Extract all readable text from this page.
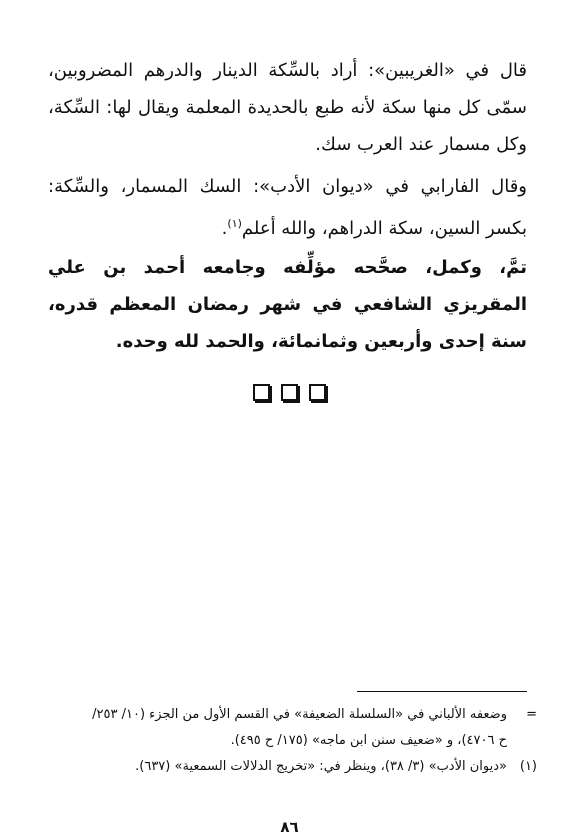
قال في «الغريبين»: أراد بالسِّكة الدينار والدرهم المضروبين، سمّى كل منها سكة لأنه طبع بالحديدة المعلمة ويقال لها: السِّكة، وكل مسمار عند العرب سك.

وقال الفارابي في «ديوان الأدب»: السك المسمار، والسِّكة: بكسر السين، سكة الدراهم، والله أعلم$^{(١)}$.

تمَّ، وكمل، صحَّحه مؤلِّفه وجامعه أحمد بن علي المقريزي الشافعي في شهر رمضان المعظم قدره، سنة إحدى وأربعين وثمانمائة، والحمد لله وحده.

=
وضعفه الألباني في «السلسلة الضعيفة» في القسم الأول من الجزء (١٠/ ٢٥٣/
ح ٤٧٠٦)، و «ضعيف سنن ابن ماجه» (١٧٥/ ح ٤٩٥).
(١)
«ديوان الأدب» (٣/ ٣٨)، وينظر في: «تخريج الدلالات السمعية» (٦٣٧).
٨٦
